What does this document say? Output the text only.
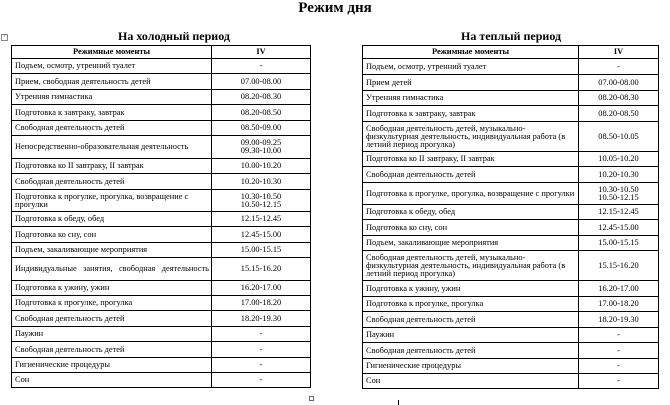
Режим дня
+	На холодный период	На теплый период
Режимные моменты	IV
Подъем, осмотр, утренний туалет	-
Прием, свободная деятельность детей	07.00-08.00
Утренняя гимнастика	08.20-08.30
Подготовка к завтраку, завтрак	08.20-08.50
Свободная деятельность детей	08.50-09.00
Непосредственно-образовательная деятельность	09.00-09.25
09.30-10.00
Подготовка ко II завтраку, II завтрак	10.00-10.20
Свободная деятельность детей	10.20-10.30
Подготовка к прогулке, прогулка, возвращение с прогулки	10.30-10.50
10.50-12.15
Подготовка к обеду, обед	12.15-12.45
Подготовка ко сну, сон	12.45-15.00
Подъем, закаливающие мероприятия	15.00-15.15
Индивидуальные занятия, свободная деятельность	15.15-16.20
Подготовка к ужину, ужин	16.20-17.00
Подготовка к прогулке, прогулка	17.00-18.20
Свободная деятельность детей	18.20-19.30
Паужин	-
Свободная деятельность детей	-
Гигиенические процедуры	-
Сон	-
Режимные моменты	IV
Подъем, осмотр, утренний туалет	-
Прием детей	07.00-08.00
Утренняя гимнастика	08.20-08.30
Подготовка к завтраку, завтрак	08.20-08.50
Свободная деятельность детей, музыкально-физкультурная деятельность, индивидуальная работа (в летний период прогулка)	08.50-10.05
Подготовка ко II завтраку, II завтрак	10.05-10.20
Свободная деятельность детей	10.20-10.30
Подготовка к прогулке, прогулка, возвращение с прогулки	10.30-10.50
10.50-12.15
Подготовка к обеду, обед	12.15-12.45
Подготовка ко сну, сон	12.45-15.00
Подъем, закаливающие мероприятия	15.00-15.15
Свободная деятельность детей, музыкально-физкультурная деятельность, индивидуальная работа (в летний период прогулка)	15.15-16.20
Подготовка к ужину, ужин	16.20-17.00
Подготовка к прогулке, прогулка	17.00-18.20
Свободная деятельность детей	18.20-19.30
Паужин	-
Свободная деятельность детей	-
Гигиенические процедуры	-
Сон	-
